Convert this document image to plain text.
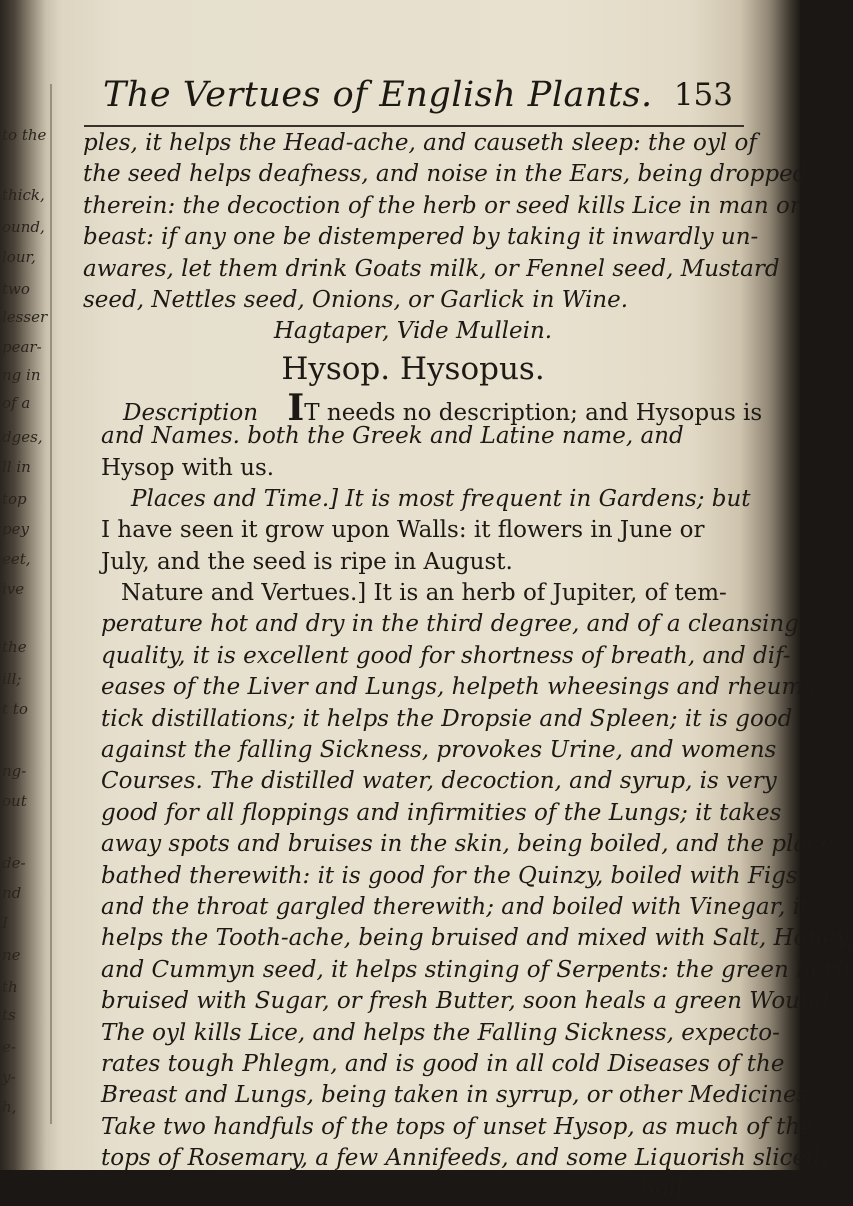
to the
thick,
ound,
lour,
two
lesser
pear-
ng in
of a
dges,
ll in
top
pey
eet,
ive
the
ill;
t to
ng-
out
de-
nd
I
ne
th
ts
e-
y-
h,
The Vertues of English Plants. 153
ples, it helps the Head-ache, and causeth sleep: the oyl of
the seed helps deafness, and noise in the Ears, being dropped
therein: the decoction of the herb or seed kills Lice in man or
beast: if any one be distempered by taking it inwardly un-
awares, let them drink Goats milk, or Fennel seed, Mustard
seed, Nettles seed, Onions, or Garlick in Wine.
Hagtaper, Vide Mullein.
Hysop. Hysopus.
Description IT needs no description; and Hysopus is
and Names. both the Greek and Latine name, and
Hysop with us.
Places and Time.] It is most frequent in Gardens; but
I have seen it grow upon Walls: it flowers in June or
July, and the seed is ripe in August.
Nature and Vertues.] It is an herb of Jupiter, of tem-
perature hot and dry in the third degree, and of a cleansing
quality, it is excellent good for shortness of breath, and dif-
eases of the Liver and Lungs, helpeth wheesings and rheuma-
tick distillations; it helps the Dropsie and Spleen; it is good
against the falling Sickness, provokes Urine, and womens
Courses. The distilled water, decoction, and syrup, is very
good for all floppings and infirmities of the Lungs; it takes
away spots and bruises in the skin, being boiled, and the place
bathed therewith: it is good for the Quinzy, boiled with Figs
and the throat gargled therewith; and boiled with Vinegar, it
helps the Tooth-ache, being bruised and mixed with Salt, Honey,
and Cummyn seed, it helps stinging of Serpents: the green herb
bruised with Sugar, or fresh Butter, soon heals a green Wound.
The oyl kills Lice, and helps the Falling Sickness, expecto-
rates tough Phlegm, and is good in all cold Diseases of the
Breast and Lungs, being taken in syrrup, or other Medicines.
Take two handfuls of the tops of unset Hysop, as much of the
tops of Rosemary, a few Annifeeds, and some Liquorish sliced,
boil
